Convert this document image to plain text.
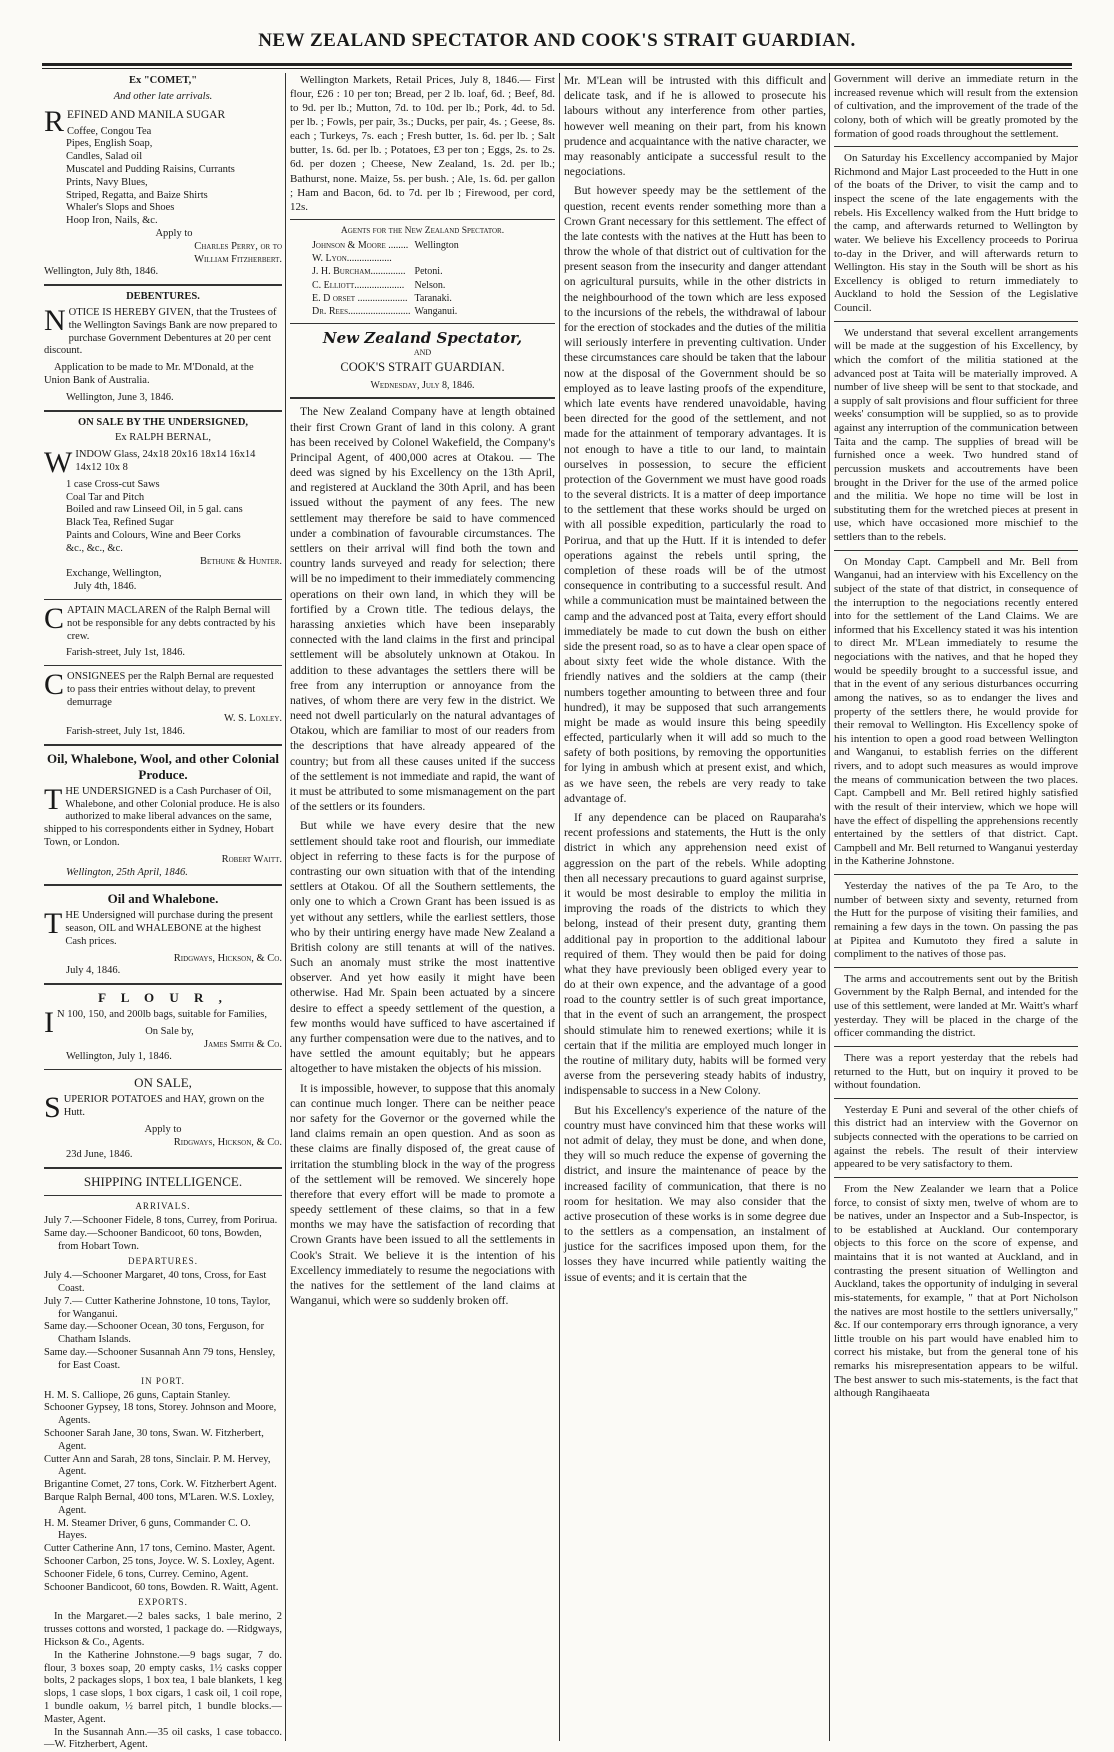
NEW ZEALAND SPECTATOR AND COOK'S STRAIT GUARDIAN.
Ex "COMET,"

And other late arrivals.

REFINED AND MANILA SUGAR

Coffee, Congou Tea
Pipes, English Soap,
Candles, Salad oil
Muscatel and Pudding Raisins, Currants
Prints, Navy Blues,
Striped, Regatta, and Baize Shirts
Whaler's Slops and Shoes
Hoop Iron, Nails, &c.
Apply to
Charles Perry, or to
William Fitzherbert.
Wellington, July 8th, 1846.
DEBENTURES.

NOTICE IS HEREBY GIVEN, that the Trustees of the Wellington Savings Bank are now prepared to purchase Government Debentures at 20 per cent discount.

Application to be made to Mr. M'Donald, at the Union Bank of Australia.

Wellington, June 3, 1846.
ON SALE BY THE UNDERSIGNED,

Ex RALPH BERNAL,

WINDOW Glass, 24x18 20x16 18x14 16x14 14x12 10x 8

1 case Cross-cut Saws
Coal Tar and Pitch
Boiled and raw Linseed Oil, in 5 gal. cans
Black Tea, Refined Sugar
Paints and Colours, Wine and Beer Corks
&c., &c., &c.
Bethune & Hunter.
Exchange, Wellington,
July 4th, 1846.

CAPTAIN MACLAREN of the Ralph Bernal will not be responsible for any debts contracted by his crew.

Farish-street, July 1st, 1846.

CONSIGNEES per the Ralph Bernal are requested to pass their entries without delay, to prevent demurrage

W. S. Loxley.
Farish-street, July 1st, 1846.
Oil, Whalebone, Wool, and other Colonial Produce.

THE UNDERSIGNED is a Cash Purchaser of Oil, Whalebone, and other Colonial produce. He is also authorized to make liberal advances on the same, shipped to his correspondents either in Sydney, Hobart Town, or London.

Robert Waitt.
Wellington, 25th April, 1846.
Oil and Whalebone.

THE Undersigned will purchase during the present season, OIL and WHALEBONE at the highest Cash prices.

Ridgways, Hickson, & Co.
July 4, 1846.
F L O U R ,

IN 100, 150, and 200lb bags, suitable for Families,

On Sale by,
James Smith & Co.
Wellington, July 1, 1846.
ON SALE,

SUPERIOR POTATOES and HAY, grown on the Hutt.

Apply to
Ridgways, Hickson, & Co.
23d June, 1846.
SHIPPING INTELLIGENCE.
ARRIVALS.
July 7.—Schooner Fidele, 8 tons, Currey, from Porirua.
Same day.—Schooner Bandicoot, 60 tons, Bowden, from Hobart Town.
DEPARTURES.
July 4.—Schooner Margaret, 40 tons, Cross, for East Coast.
July 7.— Cutter Katherine Johnstone, 10 tons, Taylor, for Wanganui.
Same day.—Schooner Ocean, 30 tons, Ferguson, for Chatham Islands.
Same day.—Schooner Susannah Ann 79 tons, Hensley, for East Coast.
IN PORT.
H. M. S. Calliope, 26 guns, Captain Stanley.
Schooner Gypsey, 18 tons, Storey. Johnson and Moore, Agents.
Schooner Sarah Jane, 30 tons, Swan. W. Fitzherbert, Agent.
Cutter Ann and Sarah, 28 tons, Sinclair. P. M. Hervey, Agent.
Brigantine Comet, 27 tons, Cork. W. Fitzherbert Agent.
Barque Ralph Bernal, 400 tons, M'Laren. W.S. Loxley, Agent.
H. M. Steamer Driver, 6 guns, Commander C. O. Hayes.
Cutter Catherine Ann, 17 tons, Cemino. Master, Agent.
Schooner Carbon, 25 tons, Joyce. W. S. Loxley, Agent.
Schooner Fidele, 6 tons, Currey. Cemino, Agent.
Schooner Bandicoot, 60 tons, Bowden. R. Waitt, Agent.
EXPORTS.
In the Margaret.—2 bales sacks, 1 bale merino, 2 trusses cottons and worsted, 1 package do. —Ridgways, Hickson & Co., Agents.
In the Katherine Johnstone.—9 bags sugar, 7 do. flour, 3 boxes soap, 20 empty casks, 1½ casks copper bolts, 2 packages slops, 1 box tea, 1 bale blankets, 1 keg slops, 1 case slops, 1 box cigars, 1 cask oil, 1 coil rope, 1 bundle oakum, ½ barrel pitch, 1 bundle blocks.—Master, Agent.
In the Susannah Ann.—35 oil casks, 1 case tobacco.—W. Fitzherbert, Agent.

Wellington Markets, Retail Prices, July 8, 1846.— First flour, £26 : 10 per ton; Bread, per 2 lb. loaf, 6d. ; Beef, 8d. to 9d. per lb.; Mutton, 7d. to 10d. per lb.; Pork, 4d. to 5d. per lb. ; Fowls, per pair, 3s.; Ducks, per pair, 4s. ; Geese, 8s. each ; Turkeys, 7s. each ; Fresh butter, 1s. 6d. per lb. ; Salt butter, 1s. 6d. per lb. ; Potatoes, £3 per ton ; Eggs, 2s. to 2s. 6d. per dozen ; Cheese, New Zealand, 1s. 2d. per lb.; Bathurst, none. Maize, 5s. per bush. ; Ale, 1s. 6d. per gallon ; Ham and Bacon, 6d. to 7d. per lb ; Firewood, per cord, 12s.

Agents for the New Zealand Spectator.
Johnson & Moore ........	Wellington
W. Lyon..................	
J. H. Burcham..............	Petoni.
C. Elliott....................	Nelson.
E. D orset ....................	Taranaki.
Dr. Rees.........................	Wanganui.
New Zealand Spectator,
AND
COOK'S STRAIT GUARDIAN.
Wednesday, July 8, 1846.

The New Zealand Company have at length obtained their first Crown Grant of land in this colony. A grant has been received by Colonel Wakefield, the Company's Principal Agent, of 400,000 acres at Otakou. — The deed was signed by his Excellency on the 13th April, and registered at Auckland the 30th April, and has been issued without the payment of any fees. The new settlement may therefore be said to have commenced under a combination of favourable circumstances. The settlers on their arrival will find both the town and country lands surveyed and ready for selection; there will be no impediment to their immediately commencing operations on their own land, in which they will be fortified by a Crown title. The tedious delays, the harassing anxieties which have been inseparably connected with the land claims in the first and principal settlement will be absolutely unknown at Otakou. In addition to these advantages the settlers there will be free from any interruption or annoyance from the natives, of whom there are very few in the district. We need not dwell particularly on the natural advantages of Otakou, which are familiar to most of our readers from the descriptions that have already appeared of the country; but from all these causes united if the success of the settlement is not immediate and rapid, the want of it must be attributed to some mismanagement on the part of the settlers or its founders.

But while we have every desire that the new settlement should take root and flourish, our immediate object in referring to these facts is for the purpose of contrasting our own situation with that of the intending settlers at Otakou. Of all the Southern settlements, the only one to which a Crown Grant has been issued is as yet without any settlers, while the earliest settlers, those who by their untiring energy have made New Zealand a British colony are still tenants at will of the natives. Such an anomaly must strike the most inattentive observer. And yet how easily it might have been otherwise. Had Mr. Spain been actuated by a sincere desire to effect a speedy settlement of the question, a few months would have sufficed to have ascertained if any further compensation were due to the natives, and to have settled the amount equitably; but he appears altogether to have mistaken the objects of his mission.

It is impossible, however, to suppose that this anomaly can continue much longer. There can be neither peace nor safety for the Governor or the governed while the land claims remain an open question. And as soon as these claims are finally disposed of, the great cause of irritation the stumbling block in the way of the progress of the settlement will be removed. We sincerely hope therefore that every effort will be made to promote a speedy settlement of these claims, so that in a few months we may have the satisfaction of recording that Crown Grants have been issued to all the settlements in Cook's Strait. We believe it is the intention of his Excellency immediately to resume the negociations with the natives for the settlement of the land claims at Wanganui, which were so suddenly broken off.

Mr. M'Lean will be intrusted with this difficult and delicate task, and if he is allowed to prosecute his labours without any interference from other parties, however well meaning on their part, from his known prudence and acquaintance with the native character, we may reasonably anticipate a successful result to the negociations.

But however speedy may be the settlement of the question, recent events render something more than a Crown Grant necessary for this settlement. The effect of the late contests with the natives at the Hutt has been to throw the whole of that district out of cultivation for the present season from the insecurity and danger attendant on agricultural pursuits, while in the other districts in the neighbourhood of the town which are less exposed to the incursions of the rebels, the withdrawal of labour for the erection of stockades and the duties of the militia will seriously interfere in preventing cultivation. Under these circumstances care should be taken that the labour now at the disposal of the Government should be so employed as to leave lasting proofs of the expenditure, which late events have rendered unavoidable, having been directed for the good of the settlement, and not made for the attainment of temporary advantages. It is not enough to have a title to our land, to maintain ourselves in possession, to secure the efficient protection of the Government we must have good roads to the several districts. It is a matter of deep importance to the settlement that these works should be urged on with all possible expedition, particularly the road to Porirua, and that up the Hutt. If it is intended to defer operations against the rebels until spring, the completion of these roads will be of the utmost consequence in contributing to a successful result. And while a communication must be maintained between the camp and the advanced post at Taita, every effort should immediately be made to cut down the bush on either side the present road, so as to have a clear open space of about sixty feet wide the whole distance. With the friendly natives and the soldiers at the camp (their numbers together amounting to between three and four hundred), it may be supposed that such arrangements might be made as would insure this being speedily effected, particularly when it will add so much to the safety of both positions, by removing the opportunities for lying in ambush which at present exist, and which, as we have seen, the rebels are very ready to take advantage of.

If any dependence can be placed on Rauparaha's recent professions and statements, the Hutt is the only district in which any apprehension need exist of aggression on the part of the rebels. While adopting then all necessary precautions to guard against surprise, it would be most desirable to employ the militia in improving the roads of the districts to which they belong, instead of their present duty, granting them additional pay in proportion to the additional labour required of them. They would then be paid for doing what they have previously been obliged every year to do at their own expence, and the advantage of a good road to the country settler is of such great importance, that in the event of such an arrangement, the prospect should stimulate him to renewed exertions; while it is certain that if the militia are employed much longer in the routine of military duty, habits will be formed very averse from the persevering steady habits of industry, indispensable to success in a New Colony.

But his Excellency's experience of the nature of the country must have convinced him that these works will not admit of delay, they must be done, and when done, they will so much reduce the expense of governing the district, and insure the maintenance of peace by the increased facility of communication, that there is no room for hesitation. We may also consider that the active prosecution of these works is in some degree due to the settlers as a compensation, an instalment of justice for the sacrifices imposed upon them, for the losses they have incurred while patiently waiting the issue of events; and it is certain that the

Government will derive an immediate return in the increased revenue which will result from the extension of cultivation, and the improvement of the trade of the colony, both of which will be greatly promoted by the formation of good roads throughout the settlement.

On Saturday his Excellency accompanied by Major Richmond and Major Last proceeded to the Hutt in one of the boats of the Driver, to visit the camp and to inspect the scene of the late engagements with the rebels. His Excellency walked from the Hutt bridge to the camp, and afterwards returned to Wellington by water. We believe his Excellency proceeds to Porirua to-day in the Driver, and will afterwards return to Wellington. His stay in the South will be short as his Excellency is obliged to return immediately to Auckland to hold the Session of the Legislative Council.

We understand that several excellent arrangements will be made at the suggestion of his Excellency, by which the comfort of the militia stationed at the advanced post at Taita will be materially improved. A number of live sheep will be sent to that stockade, and a supply of salt provisions and flour sufficient for three weeks' consumption will be supplied, so as to provide against any interruption of the communication between Taita and the camp. The supplies of bread will be furnished once a week. Two hundred stand of percussion muskets and accoutrements have been brought in the Driver for the use of the armed police and the militia. We hope no time will be lost in substituting them for the wretched pieces at present in use, which have occasioned more mischief to the settlers than to the rebels.

On Monday Capt. Campbell and Mr. Bell from Wanganui, had an interview with his Excellency on the subject of the state of that district, in consequence of the interruption to the negociations recently entered into for the settlement of the Land Claims. We are informed that his Excellency stated it was his intention to direct Mr. M'Lean immediately to resume the negociations with the natives, and that he hoped they would be speedily brought to a successful issue, and that in the event of any serious disturbances occurring among the natives, so as to endanger the lives and property of the settlers there, he would provide for their removal to Wellington. His Excellency spoke of his intention to open a good road between Wellington and Wanganui, to establish ferries on the different rivers, and to adopt such measures as would improve the means of communication between the two places. Capt. Campbell and Mr. Bell retired highly satisfied with the result of their interview, which we hope will have the effect of dispelling the apprehensions recently entertained by the settlers of that district. Capt. Campbell and Mr. Bell returned to Wanganui yesterday in the Katherine Johnstone.

Yesterday the natives of the pa Te Aro, to the number of between sixty and seventy, returned from the Hutt for the purpose of visiting their families, and remaining a few days in the town. On passing the pas at Pipitea and Kumutoto they fired a salute in compliment to the natives of those pas.

The arms and accoutrements sent out by the British Government by the Ralph Bernal, and intended for the use of this settlement, were landed at Mr. Waitt's wharf yesterday. They will be placed in the charge of the officer commanding the district.

There was a report yesterday that the rebels had returned to the Hutt, but on inquiry it proved to be without foundation.

Yesterday E Puni and several of the other chiefs of this district had an interview with the Governor on subjects connected with the operations to be carried on against the rebels. The result of their interview appeared to be very satisfactory to them.

From the New Zealander we learn that a Police force, to consist of sixty men, twelve of whom are to be natives, under an Inspector and a Sub-Inspector, is to be established at Auckland. Our contemporary objects to this force on the score of expense, and maintains that it is not wanted at Auckland, and in contrasting the present situation of Wellington and Auckland, takes the opportunity of indulging in several mis-statements, for example, " that at Port Nicholson the natives are most hostile to the settlers universally," &c. If our contemporary errs through ignorance, a very little trouble on his part would have enabled him to correct his mistake, but from the general tone of his remarks his misrepresentation appears to be wilful. The best answer to such mis-statements, is the fact that although Rangihaeata
